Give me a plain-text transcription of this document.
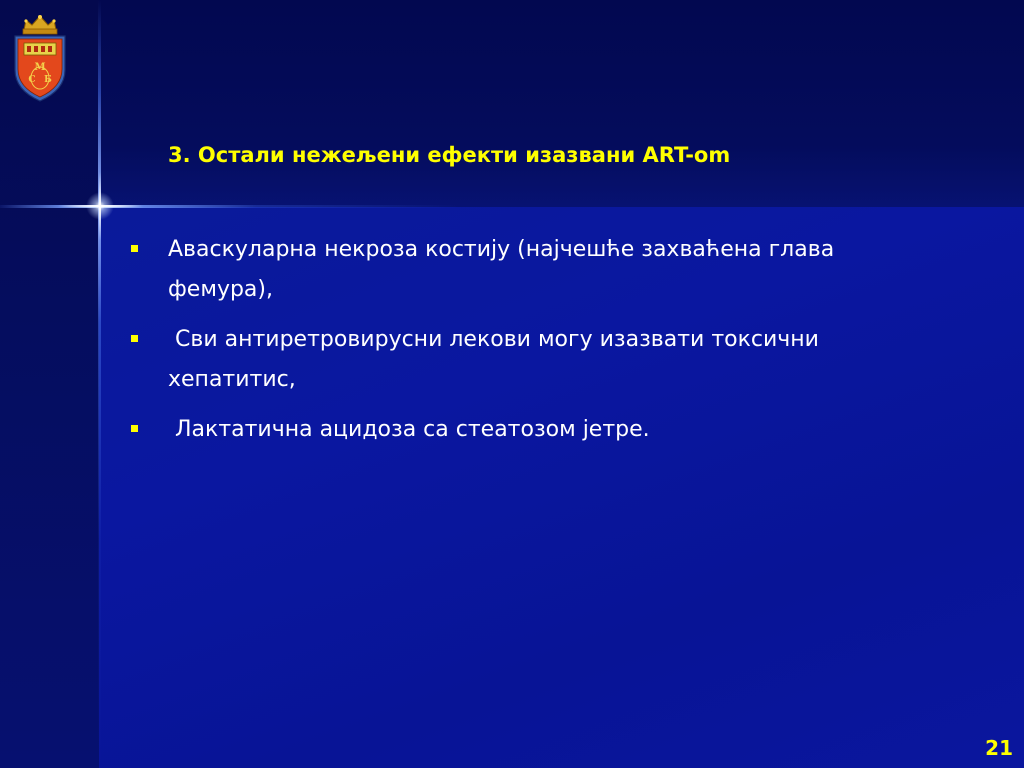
М
С Б
3. Остали нежељени ефекти изазвани ART-om
Аваскуларна некроза костију (најчешће захваћена глава фемура),
Сви антиретровирусни лекови могу изазвати токсични хепатитис,
Лактатична ацидоза са стеатозом јетре.
21
